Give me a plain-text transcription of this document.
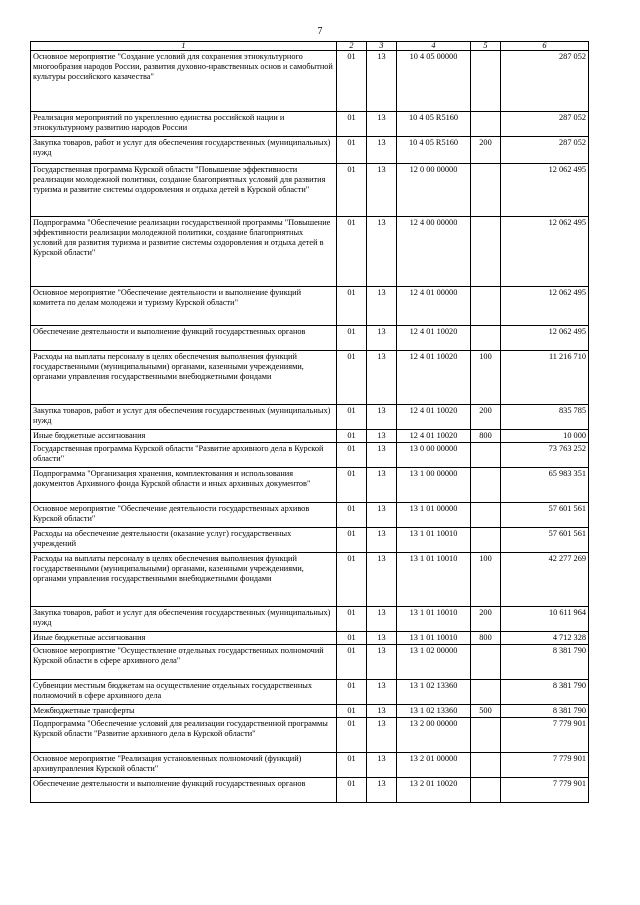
7
1	2	3	4	5	6
Основное мероприятие "Создание условий для сохранения этнокультурного многообразия народов России, развития духовно-нравственных основ и самобытной культуры российского казачества"	01	13	10 4 05 00000		287 052
Реализация мероприятий по укреплению единства российской нации и этнокультурному развитию народов России	01	13	10 4 05 R5160		287 052
Закупка товаров, работ и услуг для обеспечения государственных (муниципальных) нужд	01	13	10 4 05 R5160	200	287 052
Государственная программа Курской области "Повышение эффективности реализации молодежной политики, создание благоприятных условий для развития туризма и развитие системы оздоровления и отдыха детей в Курской области"	01	13	12 0 00 00000		12 062 495
Подпрограмма "Обеспечение реализации государственной программы "Повышение эффективности реализации молодежной политики, создание благоприятных условий для развития туризма и развитие системы оздоровления и отдыха детей в Курской области"	01	13	12 4 00 00000		12 062 495
Основное мероприятие "Обеспечение деятельности и выполнение функций комитета по делам молодежи и туризму Курской области"	01	13	12 4 01 00000		12 062 495
Обеспечение деятельности и выполнение функций государственных органов	01	13	12 4 01 10020		12 062 495
Расходы на выплаты персоналу в целях обеспечения выполнения функций государственными (муниципальными) органами, казенными учреждениями, органами управления государственными внебюджетными фондами	01	13	12 4 01 10020	100	11 216 710
Закупка товаров, работ и услуг для обеспечения государственных (муниципальных) нужд	01	13	12 4 01 10020	200	835 785
Иные бюджетные ассигнования	01	13	12 4 01 10020	800	10 000
Государственная программа Курской области "Развитие архивного дела в Курской области"	01	13	13 0 00 00000		73 763 252
Подпрограмма "Организация хранения, комплектования и использования документов Архивного фонда Курской области и иных архивных документов"	01	13	13 1 00 00000		65 983 351
Основное мероприятие "Обеспечение деятельности государственных архивов Курской области"	01	13	13 1 01 00000		57 601 561
Расходы на обеспечение деятельности (оказание услуг) государственных учреждений	01	13	13 1 01 10010		57 601 561
Расходы на выплаты персоналу в целях обеспечения выполнения функций государственными (муниципальными) органами, казенными учреждениями, органами управления государственными внебюджетными фондами	01	13	13 1 01 10010	100	42 277 269
Закупка товаров, работ и услуг для обеспечения государственных (муниципальных) нужд	01	13	13 1 01 10010	200	10 611 964
Иные бюджетные ассигнования	01	13	13 1 01 10010	800	4 712 328
Основное мероприятие "Осуществление отдельных государственных полномочий Курской области в сфере архивного дела"	01	13	13 1 02 00000		8 381 790
Субвенции местным бюджетам на осуществление отдельных государственных полномочий в сфере архивного дела	01	13	13 1 02 13360		8 381 790
Межбюджетные трансферты	01	13	13 1 02 13360	500	8 381 790
Подпрограмма "Обеспечение условий для реализации государственной программы Курской области "Развитие архивного дела в Курской области"	01	13	13 2 00 00000		7 779 901
Основное мероприятие "Реализация установленных полномочий (функций) архивуправления Курской области"	01	13	13 2 01 00000		7 779 901
Обеспечение деятельности и выполнение функций государственных органов	01	13	13 2 01 10020		7 779 901
